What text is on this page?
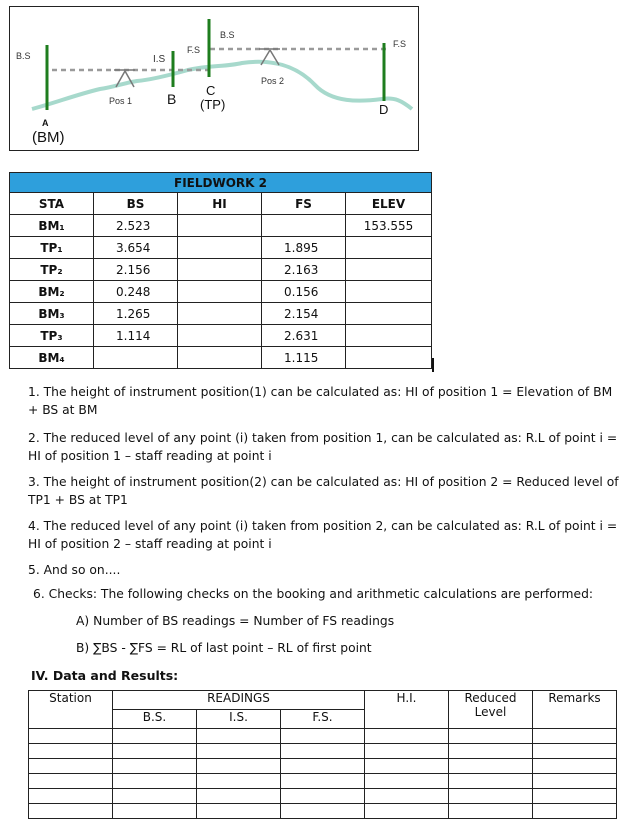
B.S	I.S
F.S
B.S
F.S
Pos 1
Pos 2
A
(BM)
B
C
(TP)	D
FIELDWORK 2				
STA	BS	HI	FS	ELEV
BM₁	2.523			153.555
TP₁	3.654		1.895	
TP₂	2.156		2.163	
BM₂	0.248		0.156	
BM₃	1.265		2.154	
TP₃	1.114		2.631	
BM₄			1.115	
1. The height of instrument position(1) can be calculated as: HI of position 1 = Elevation of BM + BS at BM
2. The reduced level of any point (i) taken from position 1, can be calculated as: R.L of point i = HI of position 1 – staff reading at point i
3. The height of instrument position(2) can be calculated as: HI of position 2 = Reduced level of TP1 + BS at TP1
4. The reduced level of any point (i) taken from position 2, can be calculated as: R.L of point i = HI of position 2 – staff reading at point i
5. And so on....
6. Checks: The following checks on the booking and arithmetic calculations are performed:
A) Number of BS readings = Number of FS readings
B) ∑BS - ∑FS = RL of last point – RL of first point
IV. Data and Results:
Station	READINGS			H.I.	Reduced Level	Remarks
	B.S.	I.S.	F.S.			
